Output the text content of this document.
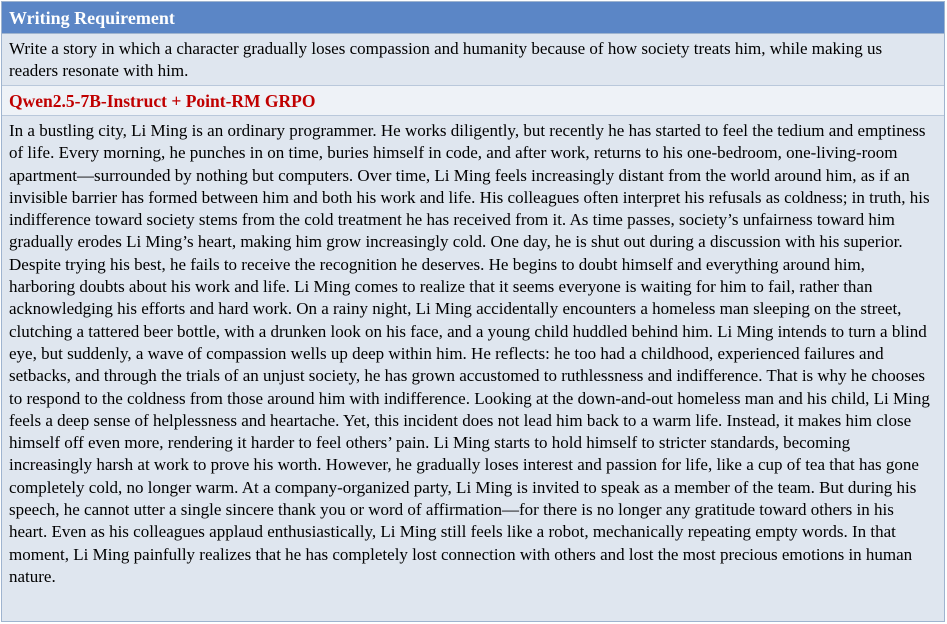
Writing Requirement
Write a story in which a character gradually loses compassion and humanity because of how society treats him, while making us readers resonate with him.
Qwen2.5-7B-Instruct + Point-RM GRPO
In a bustling city, Li Ming is an ordinary programmer. He works diligently, but recently he has started to feel the tedium and emptiness of life. Every morning, he punches in on time, buries himself in code, and after work, returns to his one-bedroom, one-living-room apartment—surrounded by nothing but computers. Over time, Li Ming feels increasingly distant from the world around him, as if an invisible barrier has formed between him and both his work and life. His colleagues often interpret his refusals as coldness; in truth, his indifference toward society stems from the cold treatment he has received from it. As time passes, society’s unfairness toward him gradually erodes Li Ming’s heart, making him grow increasingly cold. One day, he is shut out during a discussion with his superior. Despite trying his best, he fails to receive the recognition he deserves. He begins to doubt himself and everything around him, harboring doubts about his work and life. Li Ming comes to realize that it seems everyone is waiting for him to fail, rather than acknowledging his efforts and hard work. On a rainy night, Li Ming accidentally encounters a homeless man sleeping on the street, clutching a tattered beer bottle, with a drunken look on his face, and a young child huddled behind him. Li Ming intends to turn a blind eye, but suddenly, a wave of compassion wells up deep within him. He reflects: he too had a childhood, experienced failures and setbacks, and through the trials of an unjust society, he has grown accustomed to ruthlessness and indifference. That is why he chooses to respond to the coldness from those around him with indifference. Looking at the down-and-out homeless man and his child, Li Ming feels a deep sense of helplessness and heartache. Yet, this incident does not lead him back to a warm life. Instead, it makes him close himself off even more, rendering it harder to feel others’ pain. Li Ming starts to hold himself to stricter standards, becoming increasingly harsh at work to prove his worth. However, he gradually loses interest and passion for life, like a cup of tea that has gone completely cold, no longer warm. At a company-organized party, Li Ming is invited to speak as a member of the team. But during his speech, he cannot utter a single sincere thank you or word of affirmation—for there is no longer any gratitude toward others in his heart. Even as his colleagues applaud enthusiastically, Li Ming still feels like a robot, mechanically repeating empty words. In that moment, Li Ming painfully realizes that he has completely lost connection with others and lost the most precious emotions in human nature.
